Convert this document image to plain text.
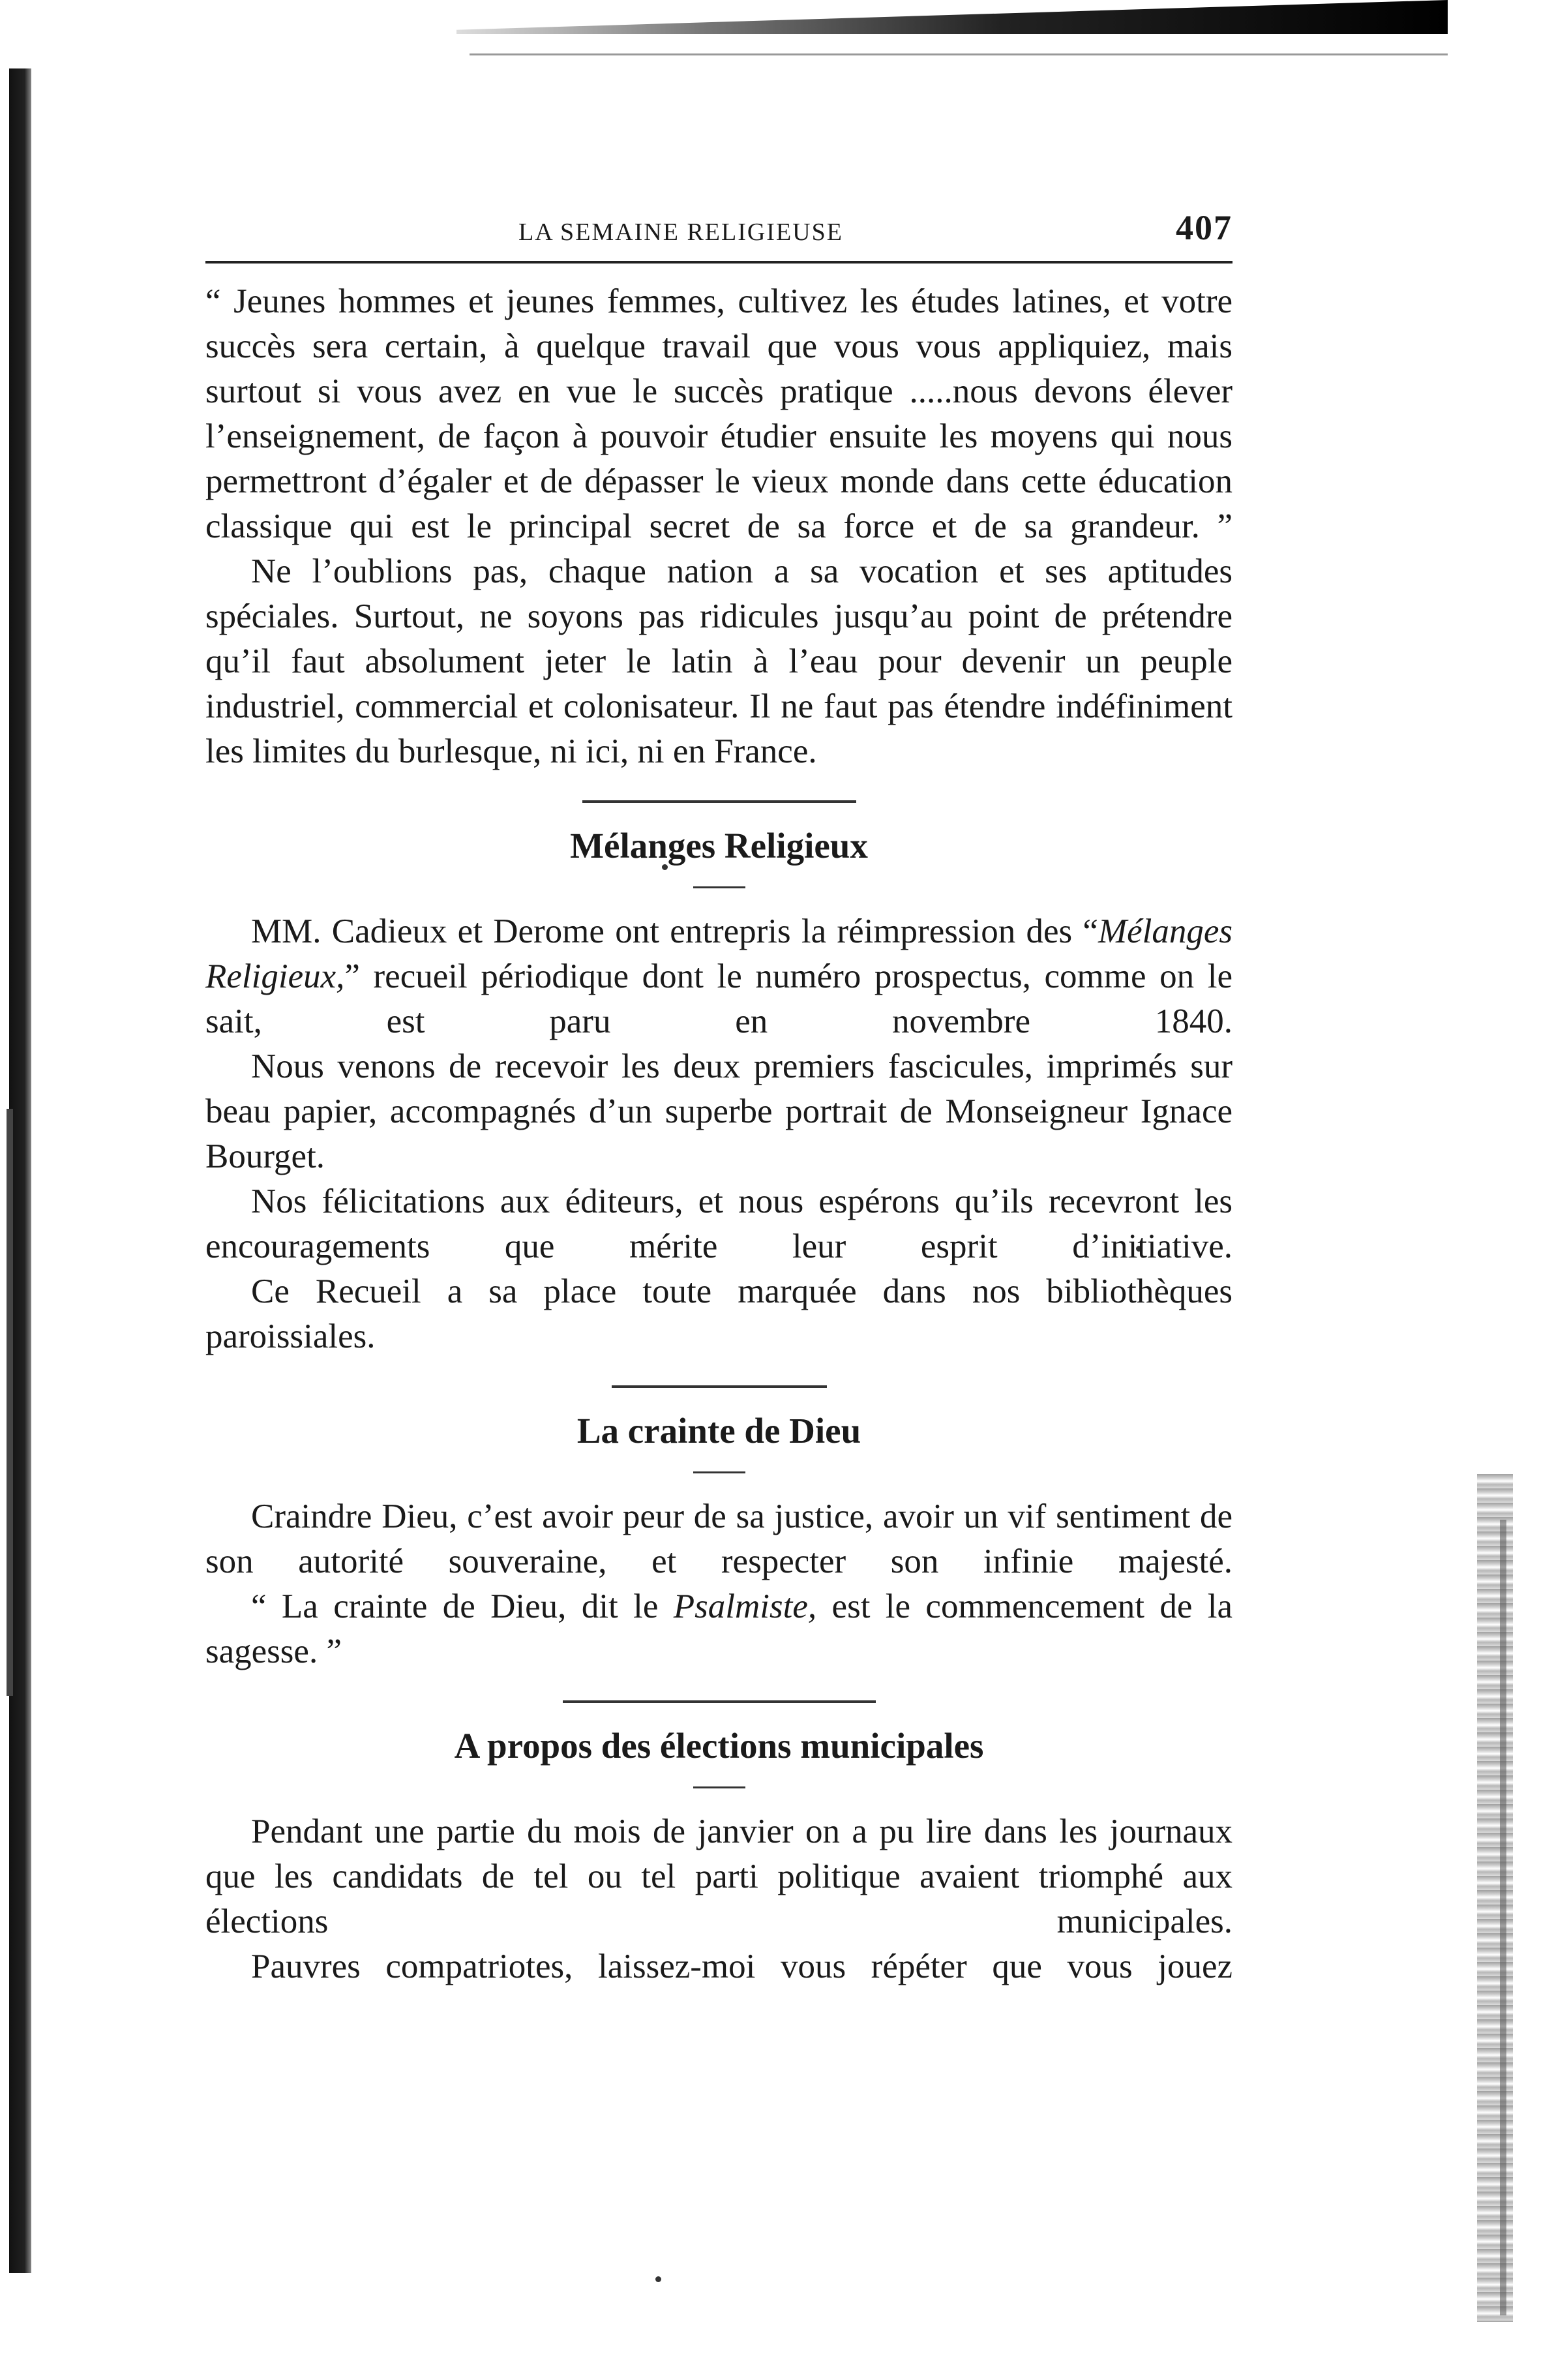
LA SEMAINE RELIGIEUSE	407

“ Jeunes hommes et jeunes femmes, cultivez les études latines, et votre succès sera certain, à quelque travail que vous vous appliquiez, mais surtout si vous avez en vue le succès pratique .....nous devons élever l’enseignement, de façon à pouvoir étudier ensuite les moyens qui nous permettront d’égaler et de dépasser le vieux monde dans cette éducation classique qui est le principal secret de sa force et de sa grandeur. ”

Ne l’oublions pas, chaque nation a sa vocation et ses aptitudes spéciales. Surtout, ne soyons pas ridicules jusqu’au point de prétendre qu’il faut absolument jeter le latin à l’eau pour devenir un peuple industriel, commercial et colonisateur. Il ne faut pas étendre indéfiniment les limites du burlesque, ni ici, ni en France.

Mélanges Religieux

MM. Cadieux et Derome ont entrepris la réimpression des “Mélanges Religieux,” recueil périodique dont le numéro prospectus, comme on le sait, est paru en novembre 1840.

Nous venons de recevoir les deux premiers fascicules, imprimés sur beau papier, accompagnés d’un superbe portrait de Monseigneur Ignace Bourget.

Nos félicitations aux éditeurs, et nous espérons qu’ils recevront les encouragements que mérite leur esprit d’initiative.

Ce Recueil a sa place toute marquée dans nos bibliothèques paroissiales.

La crainte de Dieu

Craindre Dieu, c’est avoir peur de sa justice, avoir un vif sentiment de son autorité souveraine, et respecter son infinie majesté.

“ La crainte de Dieu, dit le Psalmiste, est le commencement de la sagesse. ”

A propos des élections municipales

Pendant une partie du mois de janvier on a pu lire dans les journaux que les candidats de tel ou tel parti politique avaient triomphé aux élections municipales.

Pauvres compatriotes, laissez-moi vous répéter que vous jouez
